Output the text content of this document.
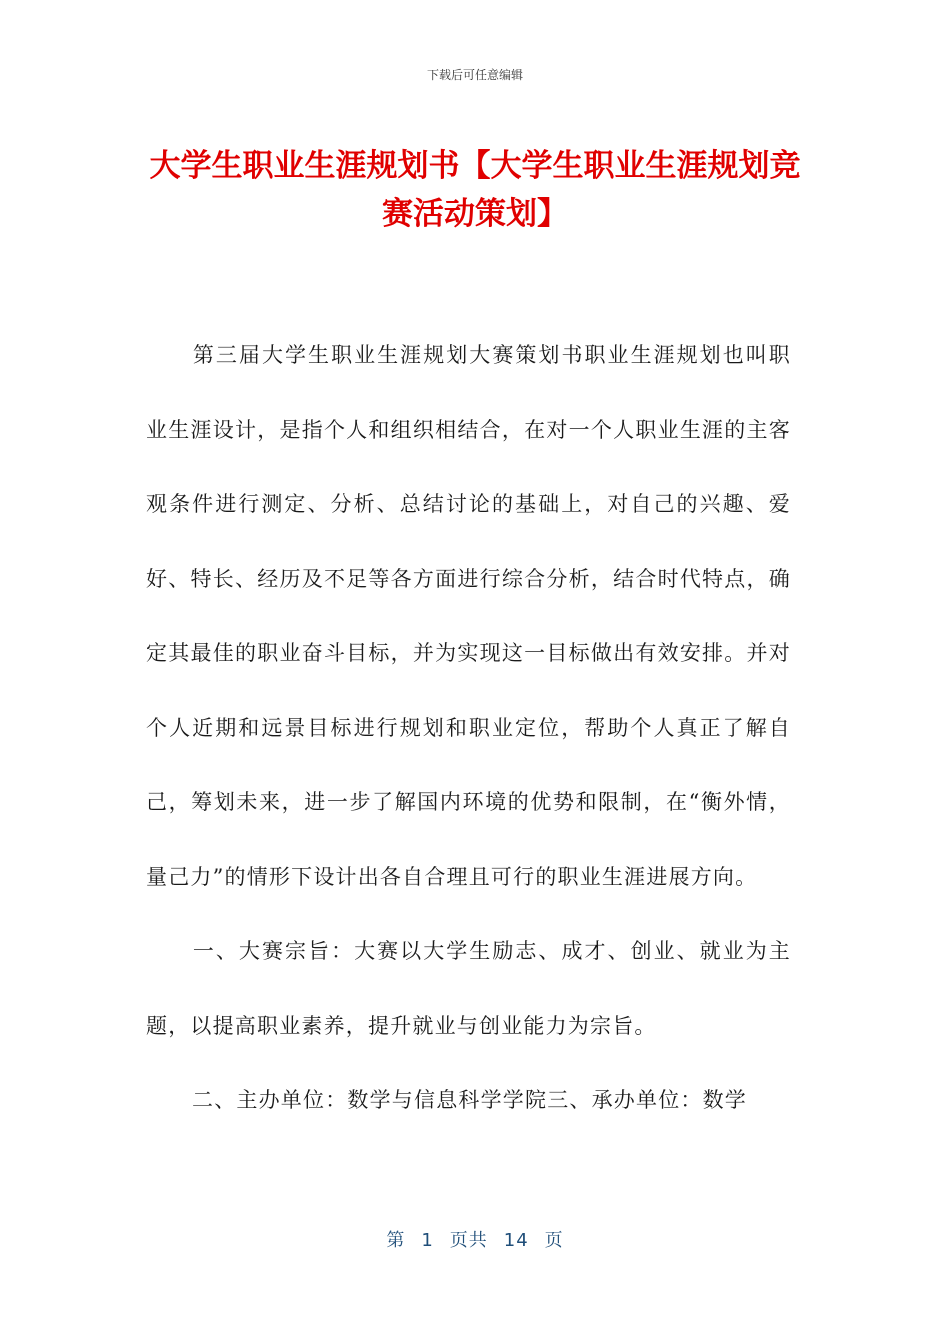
下载后可任意编辑
大学生职业生涯规划书【大学生职业生涯规划竞赛活动策划】

第三届大学生职业生涯规划大赛策划书职业生涯规划也叫职业生涯设计，是指个人和组织相结合，在对一个人职业生涯的主客观条件进行测定、分析、总结讨论的基础上，对自己的兴趣、爱好、特长、经历及不足等各方面进行综合分析，结合时代特点，确定其最佳的职业奋斗目标，并为实现这一目标做出有效安排。并对个人近期和远景目标进行规划和职业定位，帮助个人真正了解自己，筹划未来，进一步了解国内环境的优势和限制，在“衡外情，量己力”的情形下设计出各自合理且可行的职业生涯进展方向。

一、大赛宗旨：大赛以大学生励志、成才、创业、就业为主题，以提高职业素养，提升就业与创业能力为宗旨。

二、主办单位：数学与信息科学学院三、承办单位：数学

第 1 页共 14 页
